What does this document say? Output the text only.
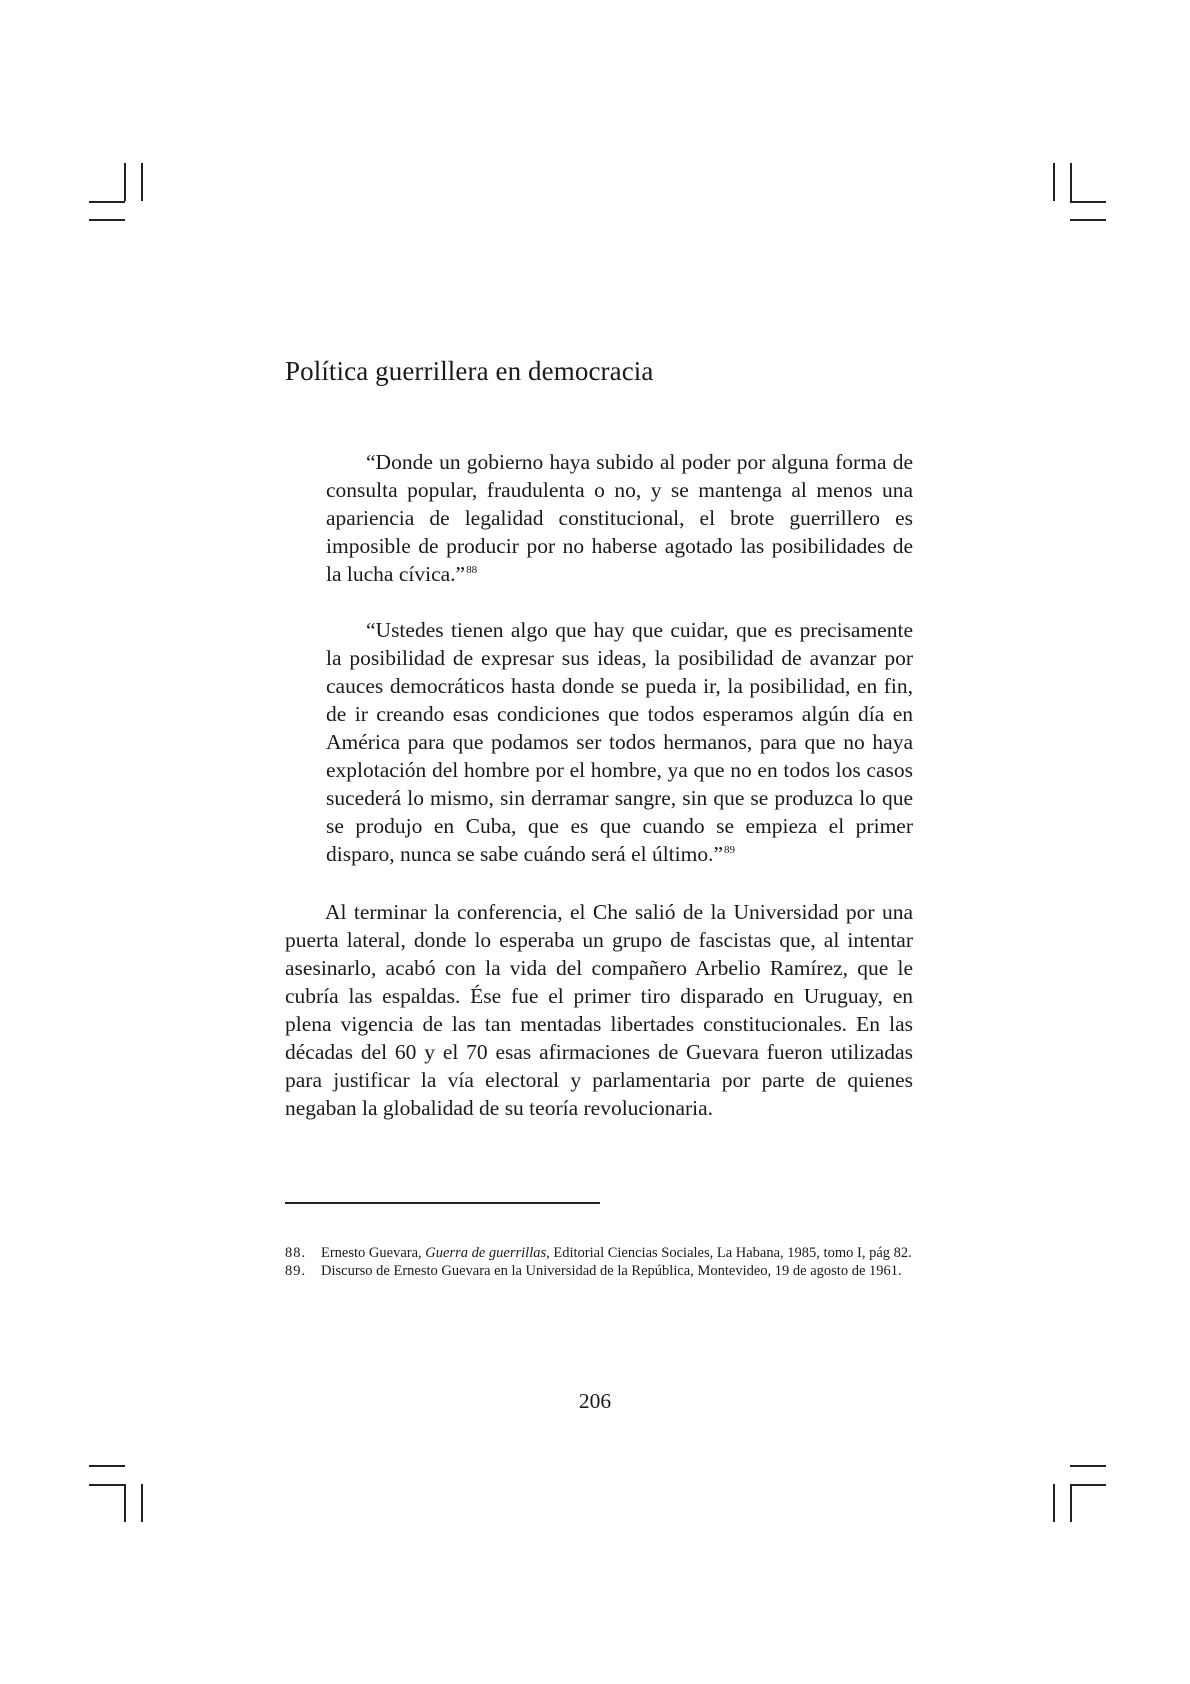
Política guerrillera en democracia

“Donde un gobierno haya subido al poder por alguna forma de consulta popular, fraudulenta o no, y se mantenga al menos una apariencia de legalidad constitucional, el brote guerrillero es imposible de producir por no haberse agotado las posibilidades de la lucha cívica.”$^{88}$

“Ustedes tienen algo que hay que cuidar, que es precisamente la posibilidad de expresar sus ideas, la posibilidad de avanzar por cauces democráticos hasta donde se pueda ir, la posibilidad, en fin, de ir creando esas condiciones que todos esperamos algún día en América para que podamos ser todos hermanos, para que no haya explotación del hombre por el hombre, ya que no en todos los casos sucederá lo mismo, sin derramar sangre, sin que se produzca lo que se produjo en Cuba, que es que cuando se empieza el primer disparo, nunca se sabe cuándo será el último.”$^{89}$

Al terminar la conferencia, el Che salió de la Universidad por una puerta lateral, donde lo esperaba un grupo de fascistas que, al intentar asesinarlo, acabó con la vida del compañero Arbelio Ramírez, que le cubría las espaldas. Ése fue el primer tiro disparado en Uruguay, en plena vigencia de las tan mentadas libertades constitucionales. En las décadas del 60 y el 70 esas afirmaciones de Guevara fueron utilizadas para justificar la vía electoral y parlamentaria por parte de quienes negaban la globalidad de su teoría revolucionaria.

88.	Ernesto Guevara, Guerra de guerrillas, Editorial Ciencias Sociales, La Habana, 1985, tomo I, pág 82.
89.	Discurso de Ernesto Guevara en la Universidad de la República, Montevideo, 19 de agosto de 1961.

206
